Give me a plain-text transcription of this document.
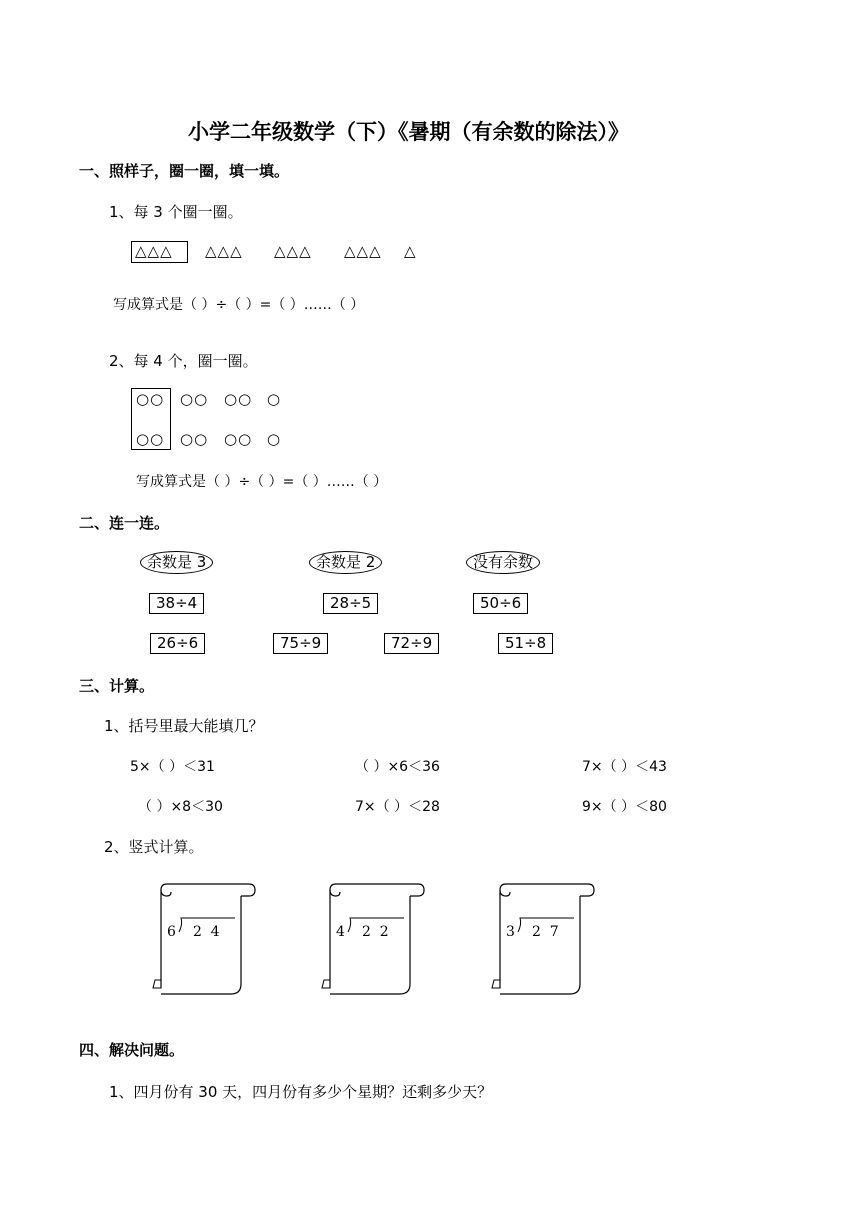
小学二年级数学（下）《暑期（有余数的除法）》
一、照样子，圈一圈，填一填。
1、每 3 个圈一圈。
△△△ △△△ △△△ △△△ △
写成算式是（ ）÷（ ）=（ ）……（ ）
2、每 4 个，圈一圈。
○○ ○○ ○○ ○
○○ ○○ ○○ ○
写成算式是（ ）÷（ ）=（ ）……（ ）
二、连一连。
余数是 3	余数是 2	没有余数
38÷4	28÷5	50÷6
26÷6	75÷9	72÷9	51÷8
三、计算。
1、括号里最大能填几？
5×（ ）＜31	（ ）×6＜36	7×（ ）＜43
（ ）×8＜30	7×（ ）＜28	9×（ ）＜80
2、竖式计算。
6 2  4	4 2  2	3 2  7
四、解决问题。
1、四月份有 30 天，四月份有多少个星期？还剩多少天？
